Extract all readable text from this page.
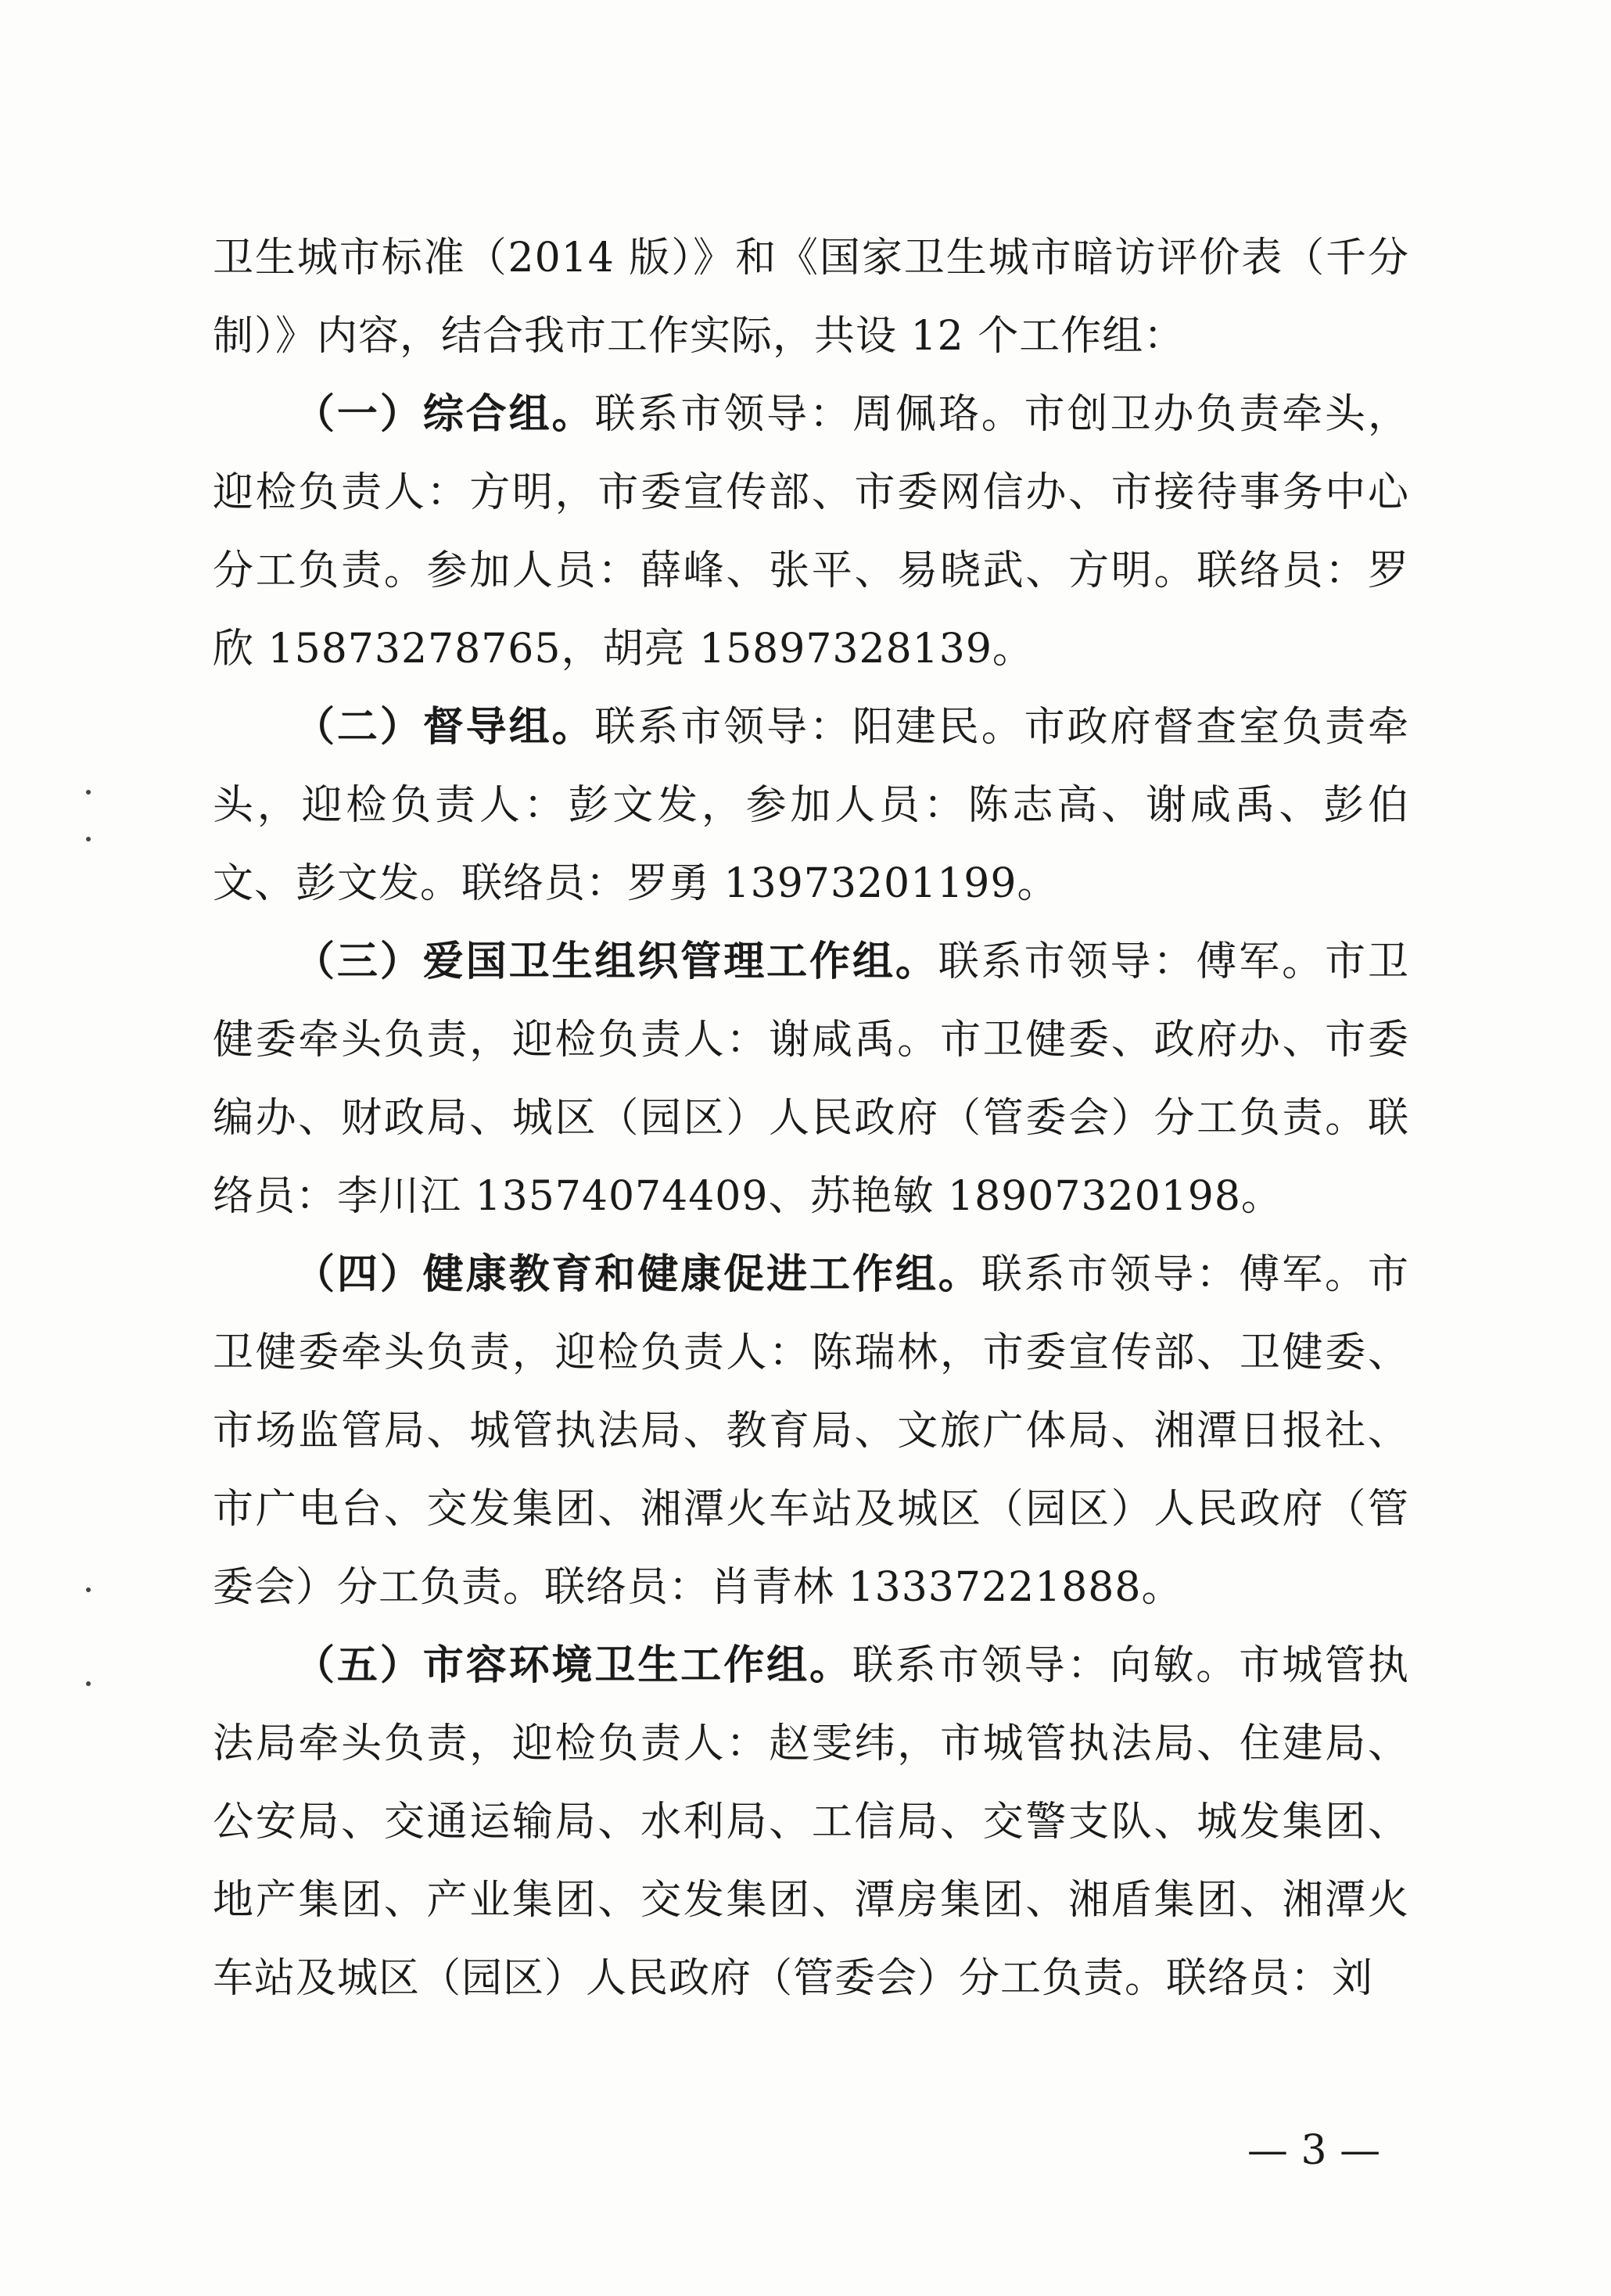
卫生城市标准（2014 版）》和《国家卫生城市暗访评价表（千分制）》内容，结合我市工作实际，共设 12 个工作组：

（一）综合组。联系市领导：周佩珞。市创卫办负责牵头，迎检负责人：方明，市委宣传部、市委网信办、市接待事务中心分工负责。参加人员：薛峰、张平、易晓武、方明。联络员：罗欣 15873278765，胡亮 15897328139。

（二）督导组。联系市领导：阳建民。市政府督查室负责牵头，迎检负责人：彭文发，参加人员：陈志高、谢咸禹、彭伯文、彭文发。联络员：罗勇 13973201199。

（三）爱国卫生组织管理工作组。联系市领导：傅军。市卫健委牵头负责，迎检负责人：谢咸禹。市卫健委、政府办、市委编办、财政局、城区（园区）人民政府（管委会）分工负责。联络员：李川江 13574074409、苏艳敏 18907320198。

（四）健康教育和健康促进工作组。联系市领导：傅军。市卫健委牵头负责，迎检负责人：陈瑞林，市委宣传部、卫健委、市场监管局、城管执法局、教育局、文旅广体局、湘潭日报社、市广电台、交发集团、湘潭火车站及城区（园区）人民政府（管委会）分工负责。联络员：肖青林 13337221888。

（五）市容环境卫生工作组。联系市领导：向敏。市城管执法局牵头负责，迎检负责人：赵雯纬，市城管执法局、住建局、公安局、交通运输局、水利局、工信局、交警支队、城发集团、地产集团、产业集团、交发集团、潭房集团、湘盾集团、湘潭火车站及城区（园区）人民政府（管委会）分工负责。联络员：刘

— 3 —
